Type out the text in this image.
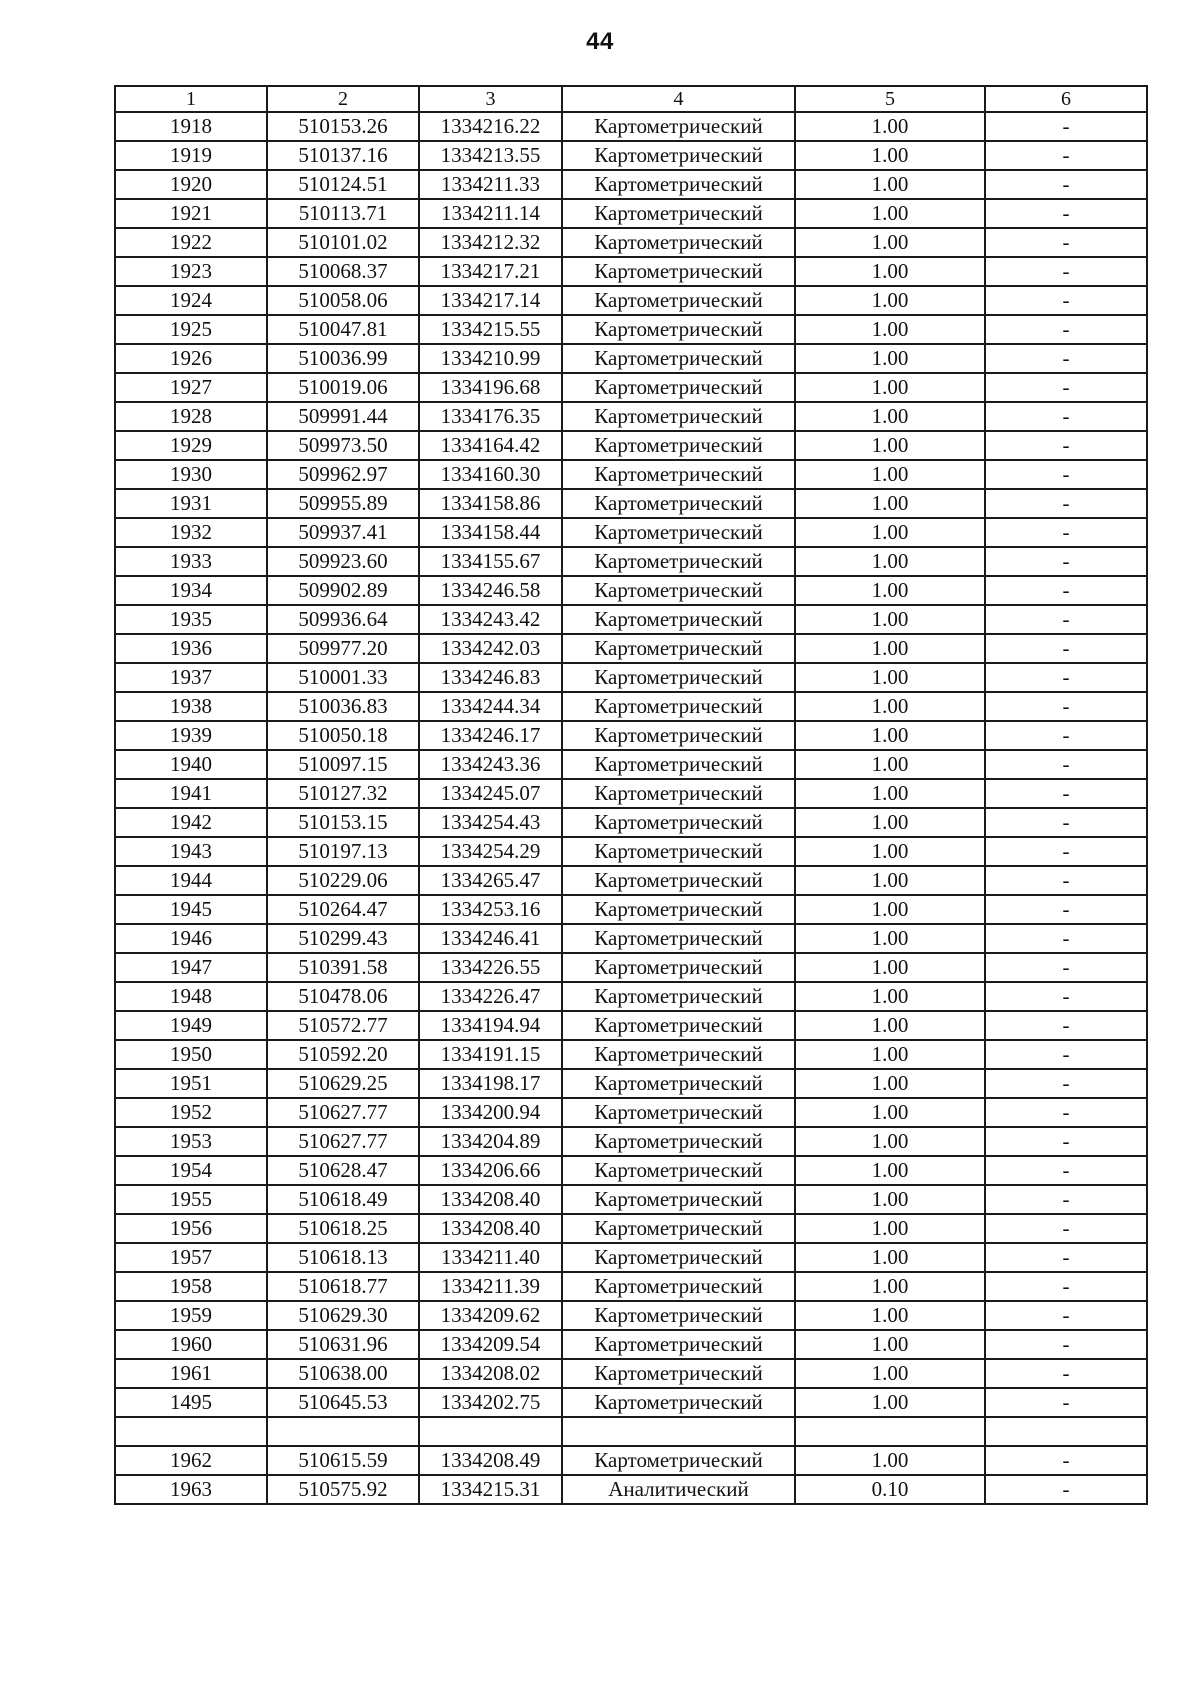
44
1	2	3	4	5	6
1918	510153.26	1334216.22	Картометрический	1.00	-
1919	510137.16	1334213.55	Картометрический	1.00	-
1920	510124.51	1334211.33	Картометрический	1.00	-
1921	510113.71	1334211.14	Картометрический	1.00	-
1922	510101.02	1334212.32	Картометрический	1.00	-
1923	510068.37	1334217.21	Картометрический	1.00	-
1924	510058.06	1334217.14	Картометрический	1.00	-
1925	510047.81	1334215.55	Картометрический	1.00	-
1926	510036.99	1334210.99	Картометрический	1.00	-
1927	510019.06	1334196.68	Картометрический	1.00	-
1928	509991.44	1334176.35	Картометрический	1.00	-
1929	509973.50	1334164.42	Картометрический	1.00	-
1930	509962.97	1334160.30	Картометрический	1.00	-
1931	509955.89	1334158.86	Картометрический	1.00	-
1932	509937.41	1334158.44	Картометрический	1.00	-
1933	509923.60	1334155.67	Картометрический	1.00	-
1934	509902.89	1334246.58	Картометрический	1.00	-
1935	509936.64	1334243.42	Картометрический	1.00	-
1936	509977.20	1334242.03	Картометрический	1.00	-
1937	510001.33	1334246.83	Картометрический	1.00	-
1938	510036.83	1334244.34	Картометрический	1.00	-
1939	510050.18	1334246.17	Картометрический	1.00	-
1940	510097.15	1334243.36	Картометрический	1.00	-
1941	510127.32	1334245.07	Картометрический	1.00	-
1942	510153.15	1334254.43	Картометрический	1.00	-
1943	510197.13	1334254.29	Картометрический	1.00	-
1944	510229.06	1334265.47	Картометрический	1.00	-
1945	510264.47	1334253.16	Картометрический	1.00	-
1946	510299.43	1334246.41	Картометрический	1.00	-
1947	510391.58	1334226.55	Картометрический	1.00	-
1948	510478.06	1334226.47	Картометрический	1.00	-
1949	510572.77	1334194.94	Картометрический	1.00	-
1950	510592.20	1334191.15	Картометрический	1.00	-
1951	510629.25	1334198.17	Картометрический	1.00	-
1952	510627.77	1334200.94	Картометрический	1.00	-
1953	510627.77	1334204.89	Картометрический	1.00	-
1954	510628.47	1334206.66	Картометрический	1.00	-
1955	510618.49	1334208.40	Картометрический	1.00	-
1956	510618.25	1334208.40	Картометрический	1.00	-
1957	510618.13	1334211.40	Картометрический	1.00	-
1958	510618.77	1334211.39	Картометрический	1.00	-
1959	510629.30	1334209.62	Картометрический	1.00	-
1960	510631.96	1334209.54	Картометрический	1.00	-
1961	510638.00	1334208.02	Картометрический	1.00	-
1495	510645.53	1334202.75	Картометрический	1.00	-

1962	510615.59	1334208.49	Картометрический	1.00	-
1963	510575.92	1334215.31	Аналитический	0.10	-
